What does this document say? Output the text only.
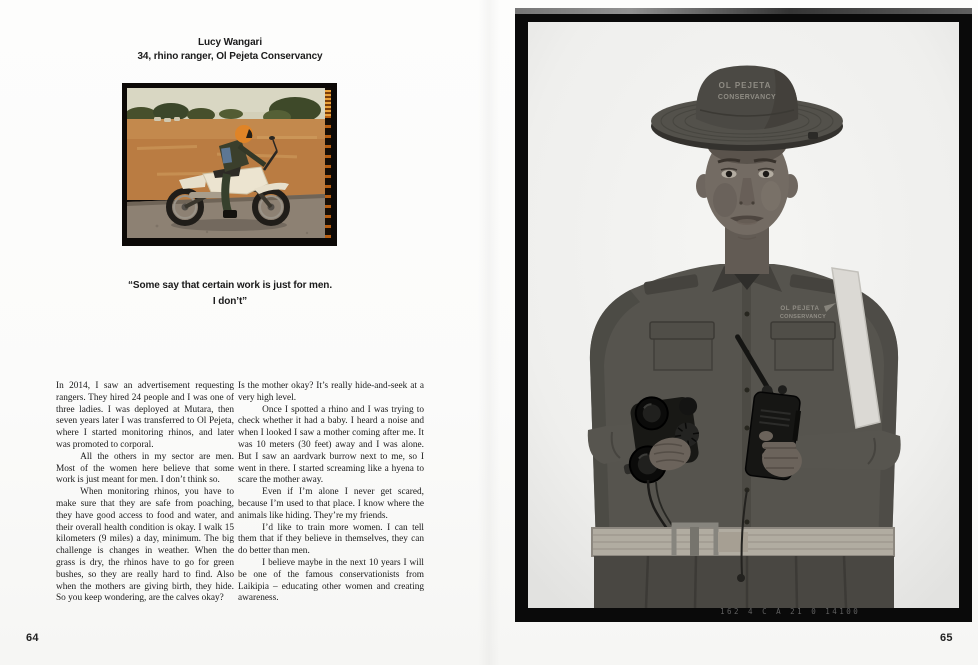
Lucy Wangari
34, rhino ranger, Ol Pejeta Conservancy
“Some say that certain work is just for men.
I don’t”

In 2014, I saw an advertisement requesting rangers. They hired 24 people and I was one of three ladies. I was deployed at Mutara, then seven years later I was transferred to Ol Pejeta, where I started monitoring rhinos, and later was promoted to corporal.

All the others in my sector are men. Most of the women here believe that some work is just meant for men. I don’t think so.

When monitoring rhinos, you have to make sure that they are safe from poaching, they have good access to food and water, and their overall health condition is okay. I walk 15 kilometers (9 miles) a day, minimum. The big challenge is changes in weather. When the grass is dry, the rhinos have to go for green bushes, so they are really hard to find. Also when the mothers are giving birth, they hide. So you keep wondering, are the calves okay?

Is the mother okay? It’s really hide-and-seek at a very high level.

Once I spotted a rhino and I was trying to check whether it had a baby. I heard a noise and when I looked I saw a mother coming after me. It was 10 meters (30 feet) away and I was alone. But I saw an aardvark burrow next to me, so I went in there. I started screaming like a hyena to scare the mother away.

Even if I’m alone I never get scared, because I’m used to that place. I know where the animals like hiding. They’re my friends.

I’d like to train more women. I can tell them that if they believe in themselves, they can do better than men.

I believe maybe in the next 10 years I will be one of the famous conservationists from Laikipia – educating other women and creating awareness.

64
OL PEJETA
CONSERVANCY
OL PEJETA
CONSERVANCY
162 4 C A 21 0 14100
65
